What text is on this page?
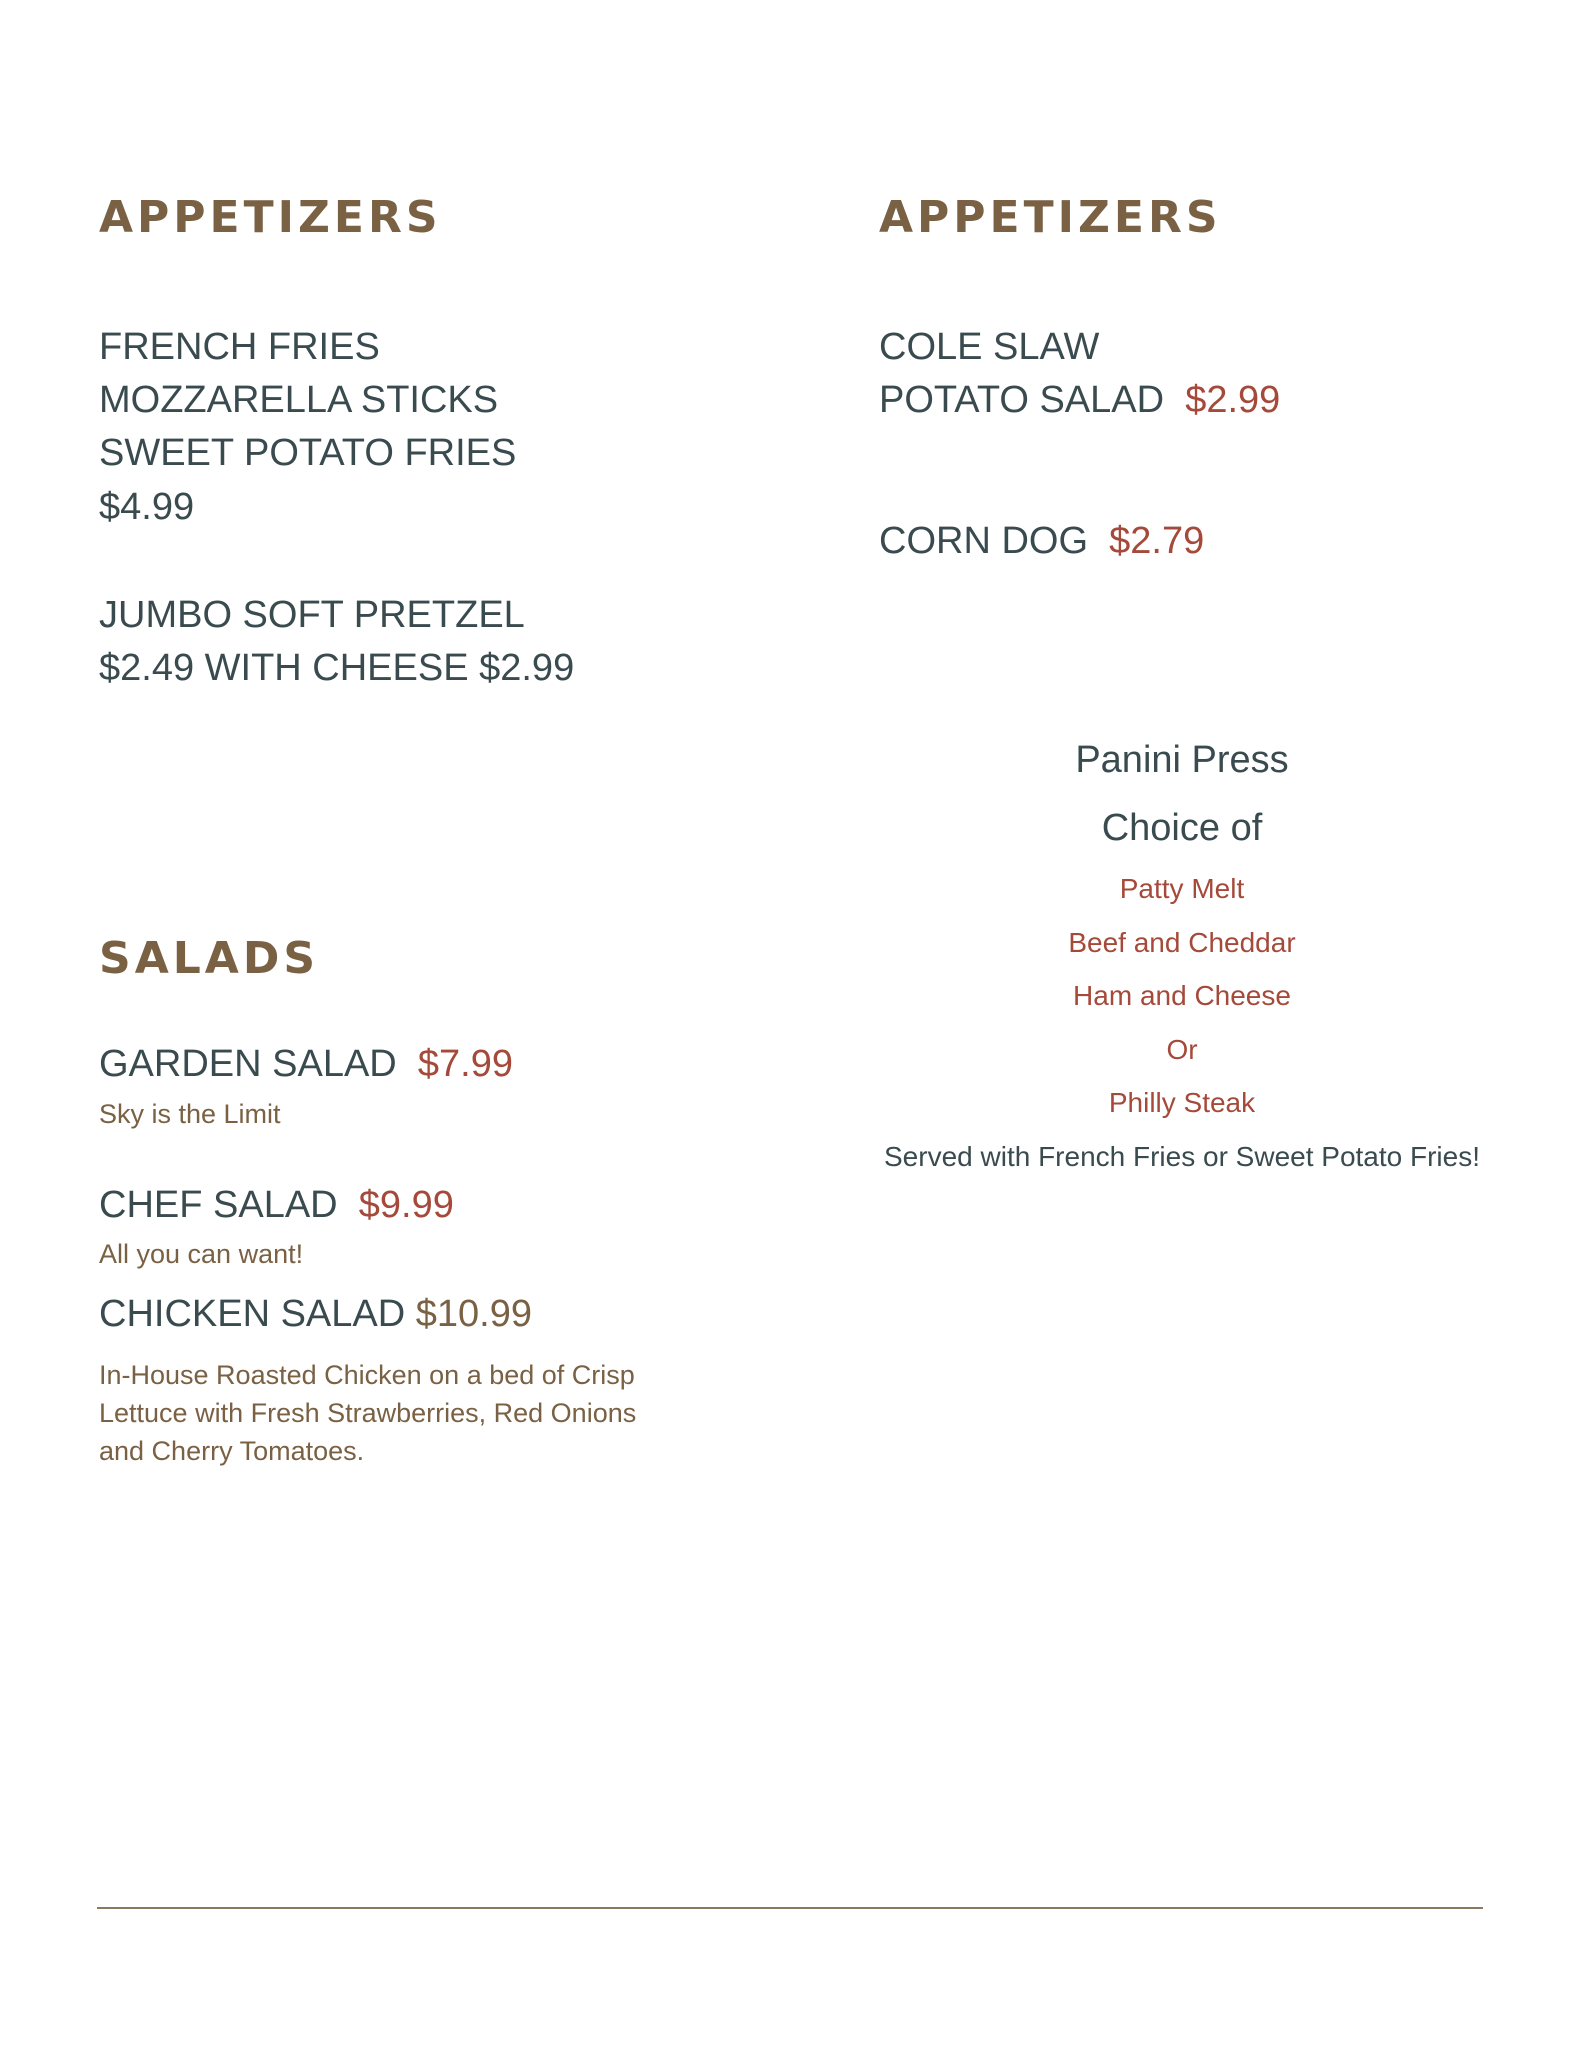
APPETIZERS
FRENCH FRIES
MOZZARELLA STICKS
SWEET POTATO FRIES
$4.99
JUMBO SOFT PRETZEL
$2.49 WITH CHEESE $2.99
SALADS
GARDEN SALAD $7.99
Sky is the Limit
CHEF SALAD $9.99
All you can want!
CHICKEN SALAD $10.99
In-House Roasted Chicken on a bed of Crisp
Lettuce with Fresh Strawberries, Red Onions
and Cherry Tomatoes.
APPETIZERS
COLE SLAW
POTATO SALAD $2.99
CORN DOG $2.79
Panini Press
Choice of
Patty Melt
Beef and Cheddar
Ham and Cheese
Or
Philly Steak
Served with French Fries or Sweet Potato Fries!
